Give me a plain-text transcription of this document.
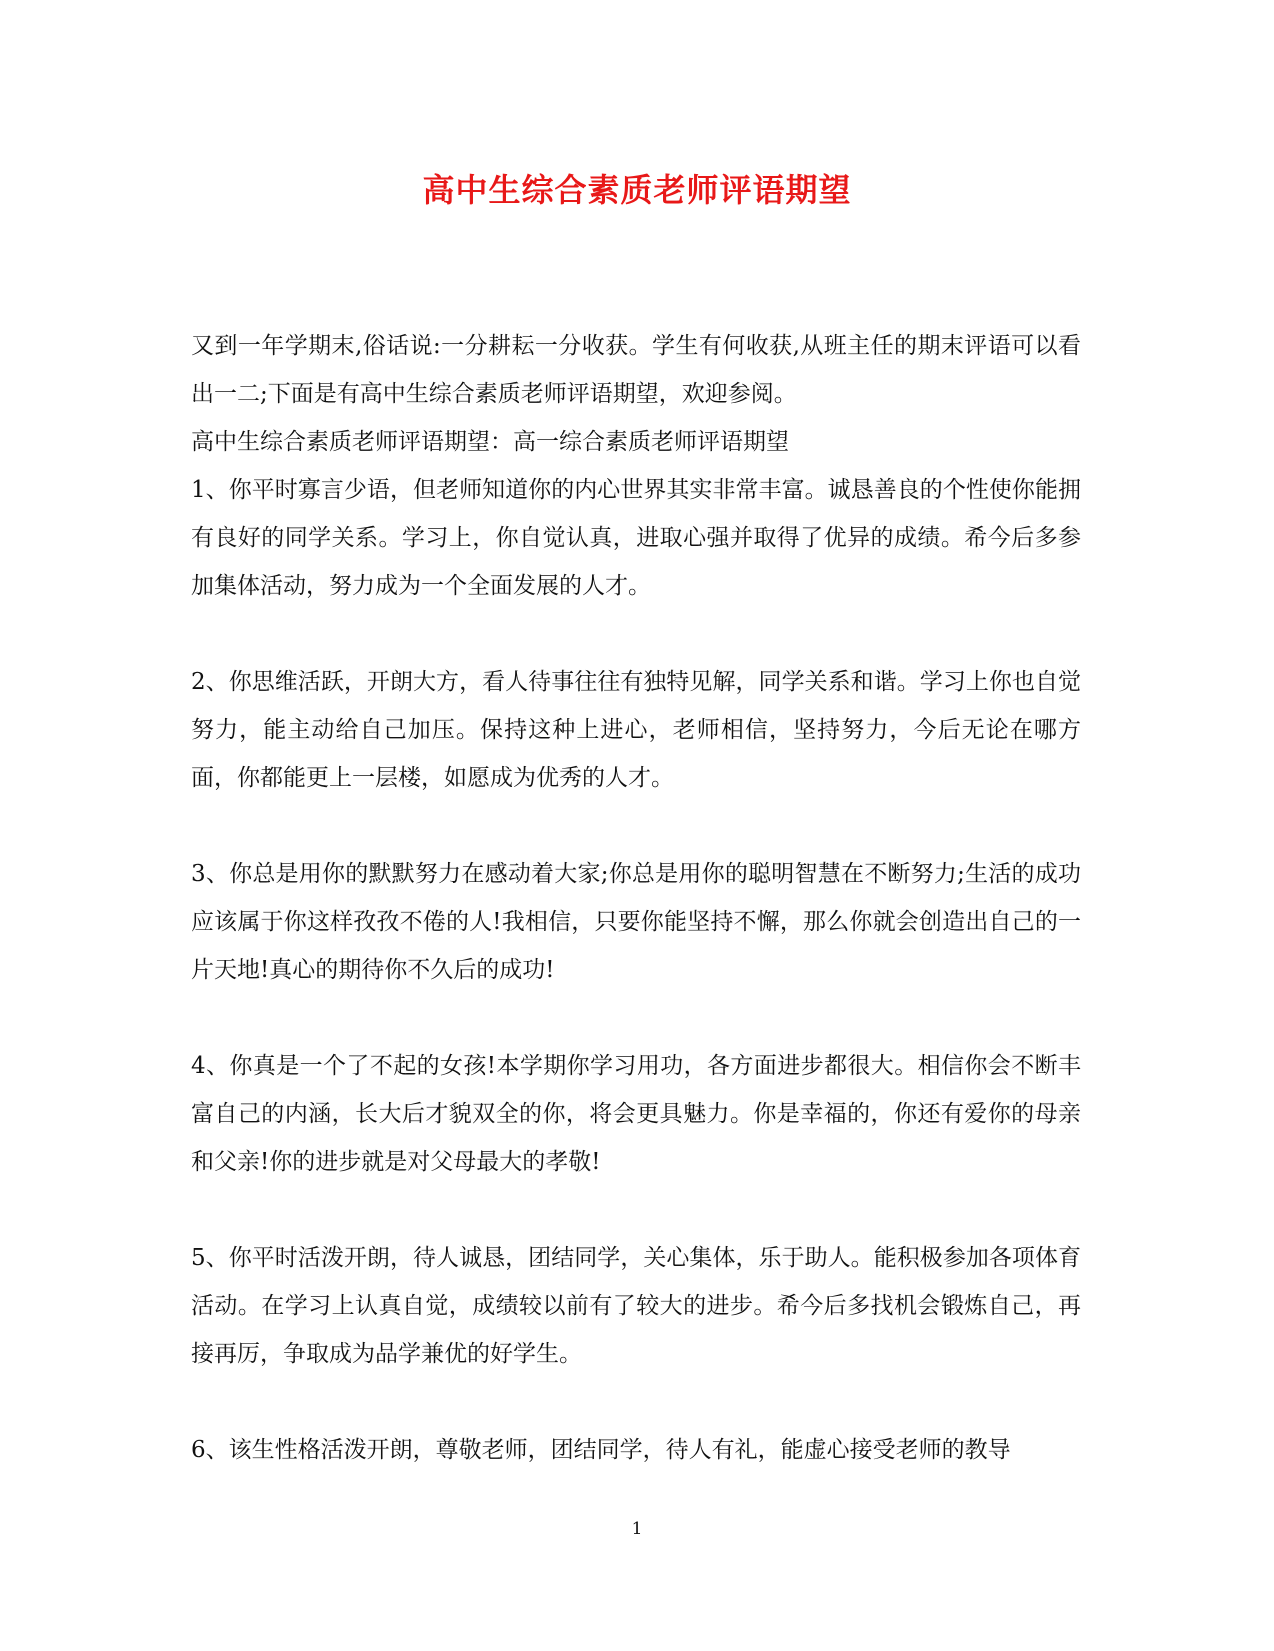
高中生综合素质老师评语期望

又到一年学期末,俗话说:一分耕耘一分收获。学生有何收获,从班主任的期末评语可以看出一二;下面是有高中生综合素质老师评语期望，欢迎参阅。

高中生综合素质老师评语期望：高一综合素质老师评语期望

1、你平时寡言少语，但老师知道你的内心世界其实非常丰富。诚恳善良的个性使你能拥有良好的同学关系。学习上，你自觉认真，进取心强并取得了优异的成绩。希今后多参加集体活动，努力成为一个全面发展的人才。

2、你思维活跃，开朗大方，看人待事往往有独特见解，同学关系和谐。学习上你也自觉努力，能主动给自己加压。保持这种上进心，老师相信，坚持努力，今后无论在哪方面，你都能更上一层楼，如愿成为优秀的人才。

3、你总是用你的默默努力在感动着大家;你总是用你的聪明智慧在不断努力;生活的成功应该属于你这样孜孜不倦的人!我相信，只要你能坚持不懈，那么你就会创造出自己的一片天地!真心的期待你不久后的成功!

4、你真是一个了不起的女孩!本学期你学习用功，各方面进步都很大。相信你会不断丰富自己的内涵，长大后才貌双全的你，将会更具魅力。你是幸福的，你还有爱你的母亲和父亲!你的进步就是对父母最大的孝敬!

5、你平时活泼开朗，待人诚恳，团结同学，关心集体，乐于助人。能积极参加各项体育活动。在学习上认真自觉，成绩较以前有了较大的进步。希今后多找机会锻炼自己，再接再厉，争取成为品学兼优的好学生。

6、该生性格活泼开朗，尊敬老师，团结同学，待人有礼，能虚心接受老师的教导

1
